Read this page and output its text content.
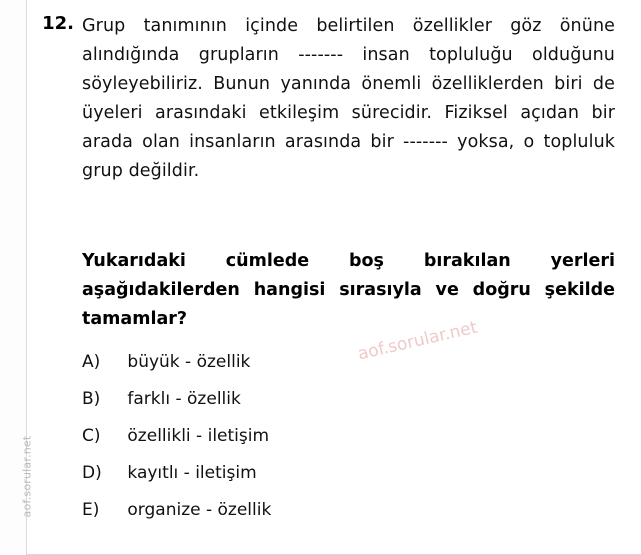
aof.sorular.net
12. Grup tanımının içinde belirtilen özellikler göz önüne alındığında grupların ------- insan topluluğu olduğunu söyleyebiliriz. Bunun yanında önemli özelliklerden biri de üyeleri arasındaki etkileşim sürecidir. Fiziksel açıdan bir arada olan insanların arasında bir ------- yoksa, o topluluk grup değildir.

Yukarıdaki cümlede boş bırakılan yerleri aşağıdakilerden hangisi sırasıyla ve doğru şekilde tamamlar?
A) büyük - özellik
B) farklı - özellik
C) özellikli - iletişim
D) kayıtlı - iletişim
E) organize - özellik
aof.sorular.net
